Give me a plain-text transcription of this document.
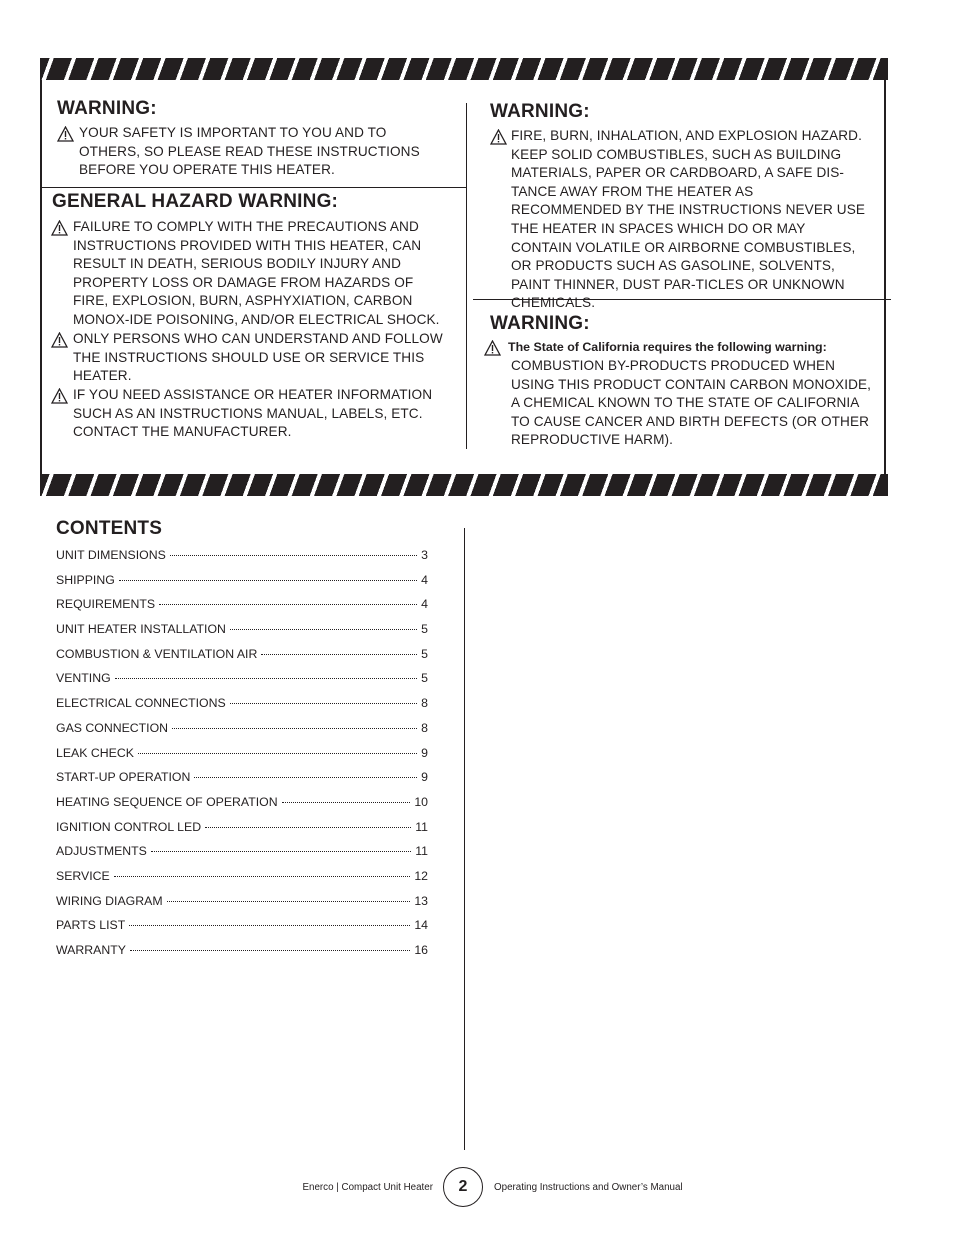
WARNING:

YOUR SAFETY IS IMPORTANT TO YOU AND TO OTHERS, SO PLEASE READ THESE INSTRUCTIONS BEFORE YOU OPERATE THIS HEATER.

GENERAL HAZARD WARNING:

FAILURE TO COMPLY WITH THE PRECAUTIONS AND INSTRUCTIONS PROVIDED WITH THIS HEATER, CAN RESULT IN DEATH, SERIOUS BODILY INJURY AND PROPERTY LOSS OR DAMAGE FROM HAZARDS OF FIRE, EXPLOSION, BURN, ASPHYXIATION, CARBON MONOX-IDE POISONING, AND/OR ELECTRICAL SHOCK.

ONLY PERSONS WHO CAN UNDERSTAND AND FOLLOW THE INSTRUCTIONS SHOULD USE OR SERVICE THIS HEATER.

IF YOU NEED ASSISTANCE OR HEATER INFORMATION SUCH AS AN INSTRUCTIONS MANUAL, LABELS, ETC. CONTACT THE MANUFACTURER.

WARNING:

FIRE, BURN, INHALATION, AND EXPLOSION HAZARD. KEEP SOLID COMBUSTIBLES, SUCH AS BUILDING MATERIALS, PAPER OR CARDBOARD, A SAFE DIS-TANCE AWAY FROM THE HEATER AS RECOMMENDED BY THE INSTRUCTIONS NEVER USE THE HEATER IN SPACES WHICH DO OR MAY CONTAIN VOLATILE OR AIRBORNE COMBUSTIBLES, OR PRODUCTS SUCH AS GASOLINE, SOLVENTS, PAINT THINNER, DUST PAR-TICLES OR UNKNOWN CHEMICALS.

WARNING:

The State of California requires the following warning:

COMBUSTION BY-PRODUCTS PRODUCED WHEN USING THIS PRODUCT CONTAIN CARBON MONOXIDE, A CHEMICAL KNOWN TO THE STATE OF CALIFORNIA TO CAUSE CANCER AND BIRTH DEFECTS (OR OTHER REPRODUCTIVE HARM).

CONTENTS
UNIT DIMENSIONS	3
SHIPPING	4
REQUIREMENTS	4
UNIT HEATER INSTALLATION	5
COMBUSTION & VENTILATION AIR	5
VENTING	5
ELECTRICAL CONNECTIONS	8
GAS CONNECTION	8
LEAK CHECK	9
START-UP OPERATION	9
HEATING SEQUENCE OF OPERATION	10
IGNITION CONTROL LED	11
ADJUSTMENTS	11
SERVICE	12
WIRING DIAGRAM	13
PARTS LIST	14
WARRANTY	16
Enerco | Compact Unit Heater	2	Operating Instructions and Owner’s Manual
